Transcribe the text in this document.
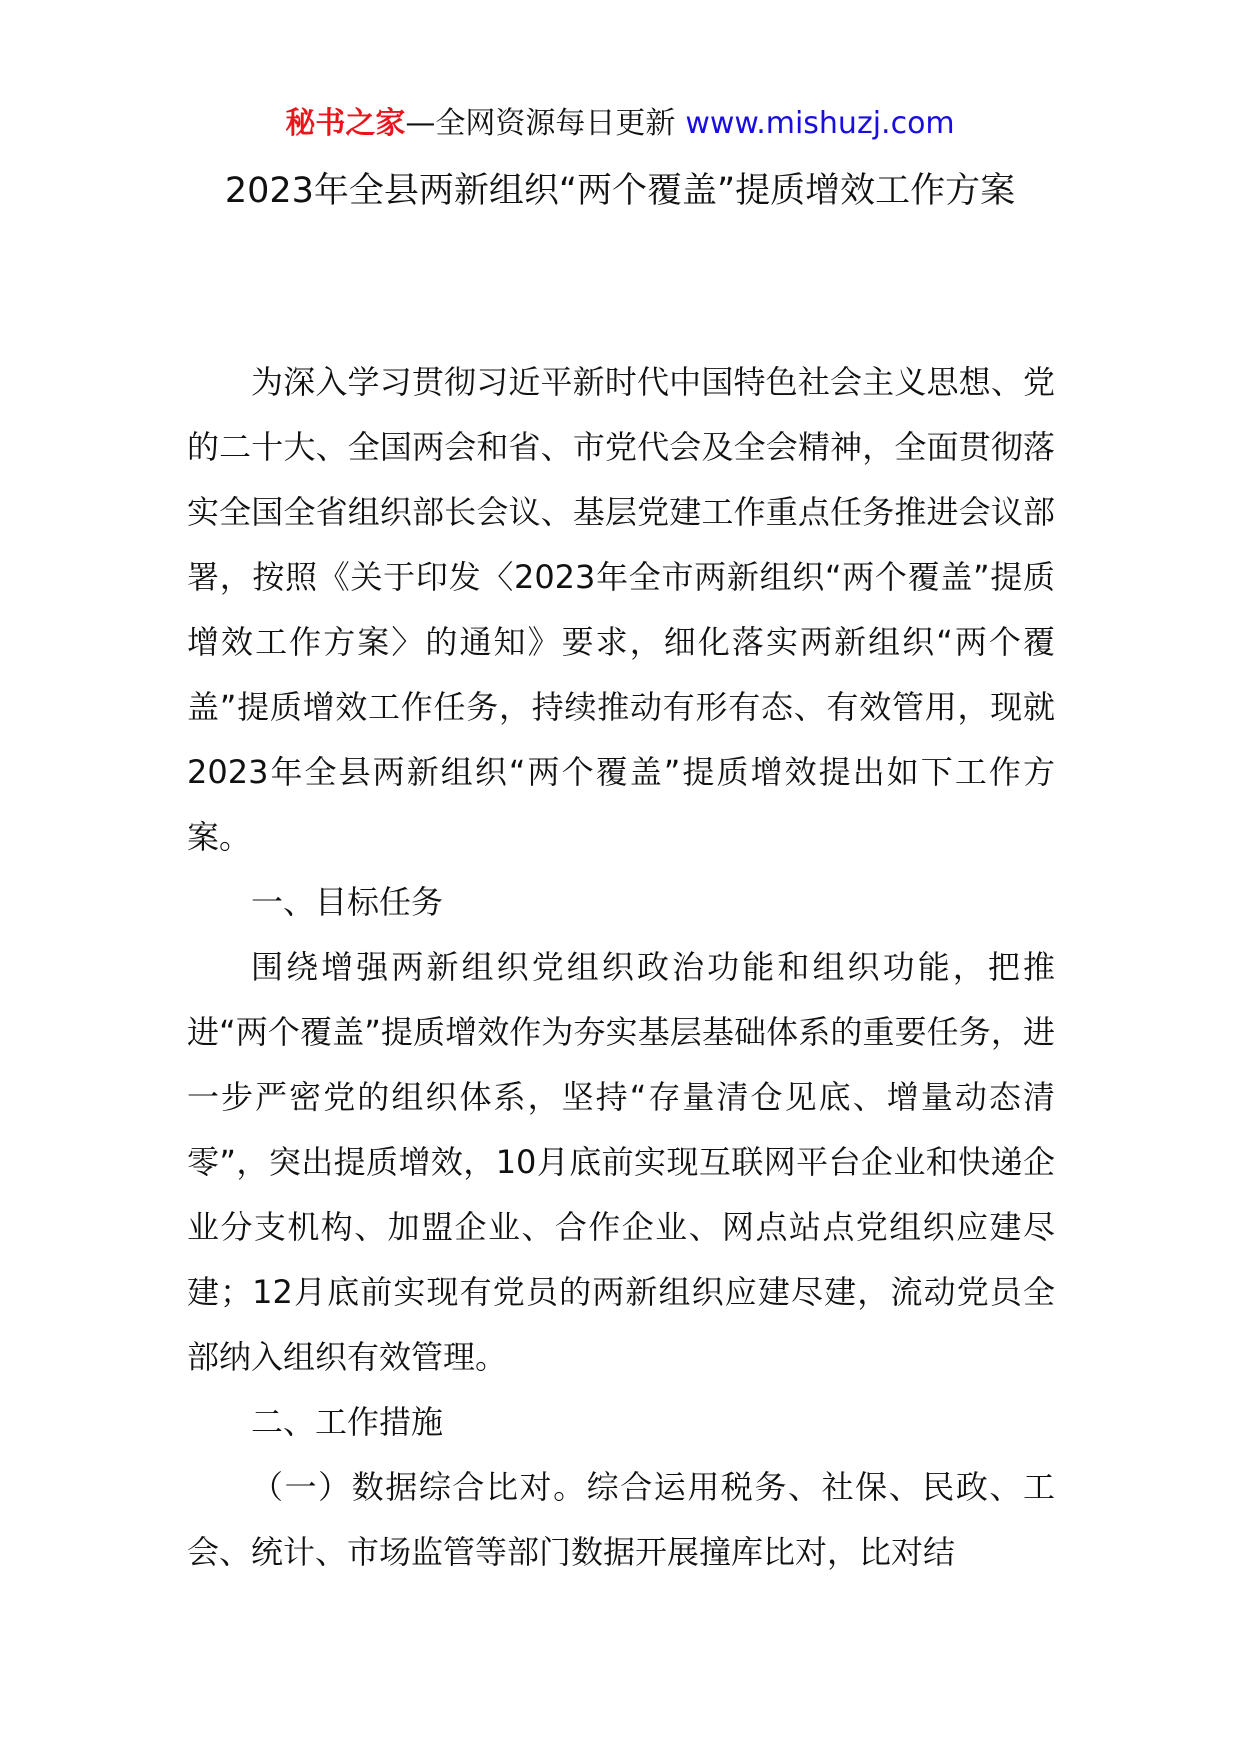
秘书之家—全网资源每日更新 www.mishuzj.com
2023年全县两新组织“两个覆盖”提质增效工作方案

为深入学习贯彻习近平新时代中国特色社会主义思想、党的二十大、全国两会和省、市党代会及全会精神，全面贯彻落实全国全省组织部长会议、基层党建工作重点任务推进会议部署，按照《关于印发〈2023年全市两新组织“两个覆盖”提质增效工作方案〉的通知》要求，细化落实两新组织“两个覆盖”提质增效工作任务，持续推动有形有态、有效管用，现就2023年全县两新组织“两个覆盖”提质增效提出如下工作方案。

一、目标任务

围绕增强两新组织党组织政治功能和组织功能，把推进“两个覆盖”提质增效作为夯实基层基础体系的重要任务，进一步严密党的组织体系，坚持“存量清仓见底、增量动态清零”，突出提质增效，10月底前实现互联网平台企业和快递企业分支机构、加盟企业、合作企业、网点站点党组织应建尽建；12月底前实现有党员的两新组织应建尽建，流动党员全部纳入组织有效管理。

二、工作措施

（一）数据综合比对。综合运用税务、社保、民政、工会、统计、市场监管等部门数据开展撞库比对，比对结
